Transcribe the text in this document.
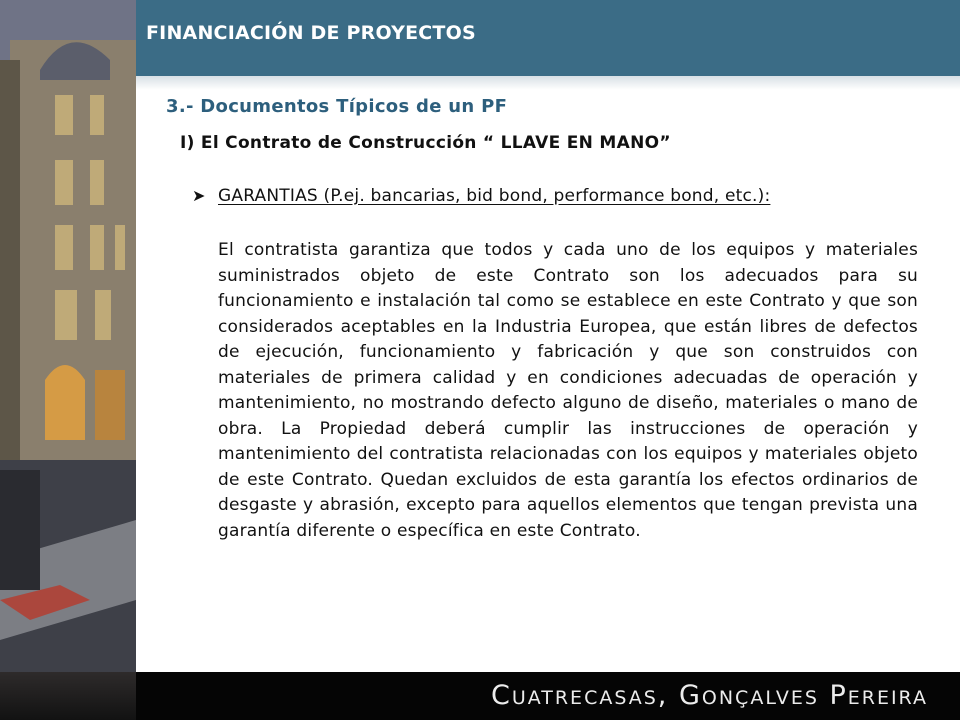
FINANCIACIÓN DE PROYECTOS
3.- Documentos Típicos de un PF
I) El Contrato de Construcción “ LLAVE EN MANO”
➤ GARANTIAS (P.ej. bancarias, bid bond, performance bond, etc.):
El contratista garantiza que todos y cada uno de los equipos y materiales suministrados objeto de este Contrato son los adecuados para su funcionamiento e instalación tal como se establece en este Contrato y que son considerados aceptables en la Industria Europea, que están libres de defectos de ejecución, funcionamiento y fabricación y que son construidos con materiales de primera calidad y en condiciones adecuadas de operación y mantenimiento, no mostrando defecto alguno de diseño, materiales o mano de obra. La Propiedad deberá cumplir las instrucciones de operación y mantenimiento del contratista relacionadas con los equipos y materiales objeto de este Contrato. Quedan excluidos de esta garantía los efectos ordinarios de desgaste y abrasión, excepto para aquellos elementos que tengan prevista una garantía diferente o específica en este Contrato.
Cuatrecasas, Gonçalves Pereira
